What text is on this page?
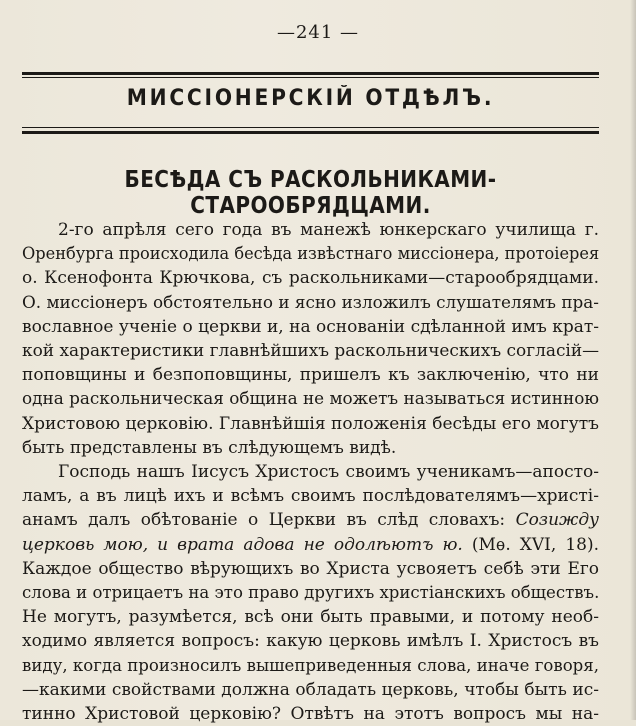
—241 —
МИССІОНЕРСКІЙ ОТДѢЛЪ.
БЕСѢДА СЪ РАСКОЛЬНИКАМИ-СТАРООБРЯДЦАМИ.
2-го апрѣля сего года въ манежѣ юнкерскаго училища г.
Оренбурга происходила бесѣда извѣстнаго миссіонера, протоіерея
о. Ксенофонта Крючкова, съ раскольниками—старообрядцами.
О. миссіонеръ обстоятельно и ясно изложилъ слушателямъ пра-
вославное ученіе о церкви и, на основаніи сдѣланной имъ крат-
кой характеристики главнѣйшихъ раскольническихъ согласій—
поповщины и безпоповщины, пришелъ къ заключенію, что ни
одна раскольническая община не можетъ называться истинною
Христовою церковію. Главнѣйшія положенія бесѣды его могутъ
быть представлены въ слѣдующемъ видѣ.
Господь нашъ Іисусъ Христосъ своимъ ученикамъ—апосто-
ламъ, а въ лицѣ ихъ и всѣмъ своимъ послѣдователямъ—христі-
анамъ далъ обѣтованіе о Церкви въ слѣд словахъ: Созижду
церковь мою, и врата адова не одолѣютъ ю. (Мѳ. XVI, 18).
Каждое общество вѣрующихъ во Христа усвояетъ себѣ эти Его
слова и отрицаетъ на это право другихъ христіанскихъ обществъ.
Не могутъ, разумѣется, всѣ они быть правыми, и потому необ-
ходимо является вопросъ: какую церковь имѣлъ І. Христосъ въ
виду, когда произносилъ вышеприведенныя слова, иначе говоря,
—какими свойствами должна обладать церковь, чтобы быть ис-
тинно Христовой церковію? Отвѣтъ на этотъ вопросъ мы на-
